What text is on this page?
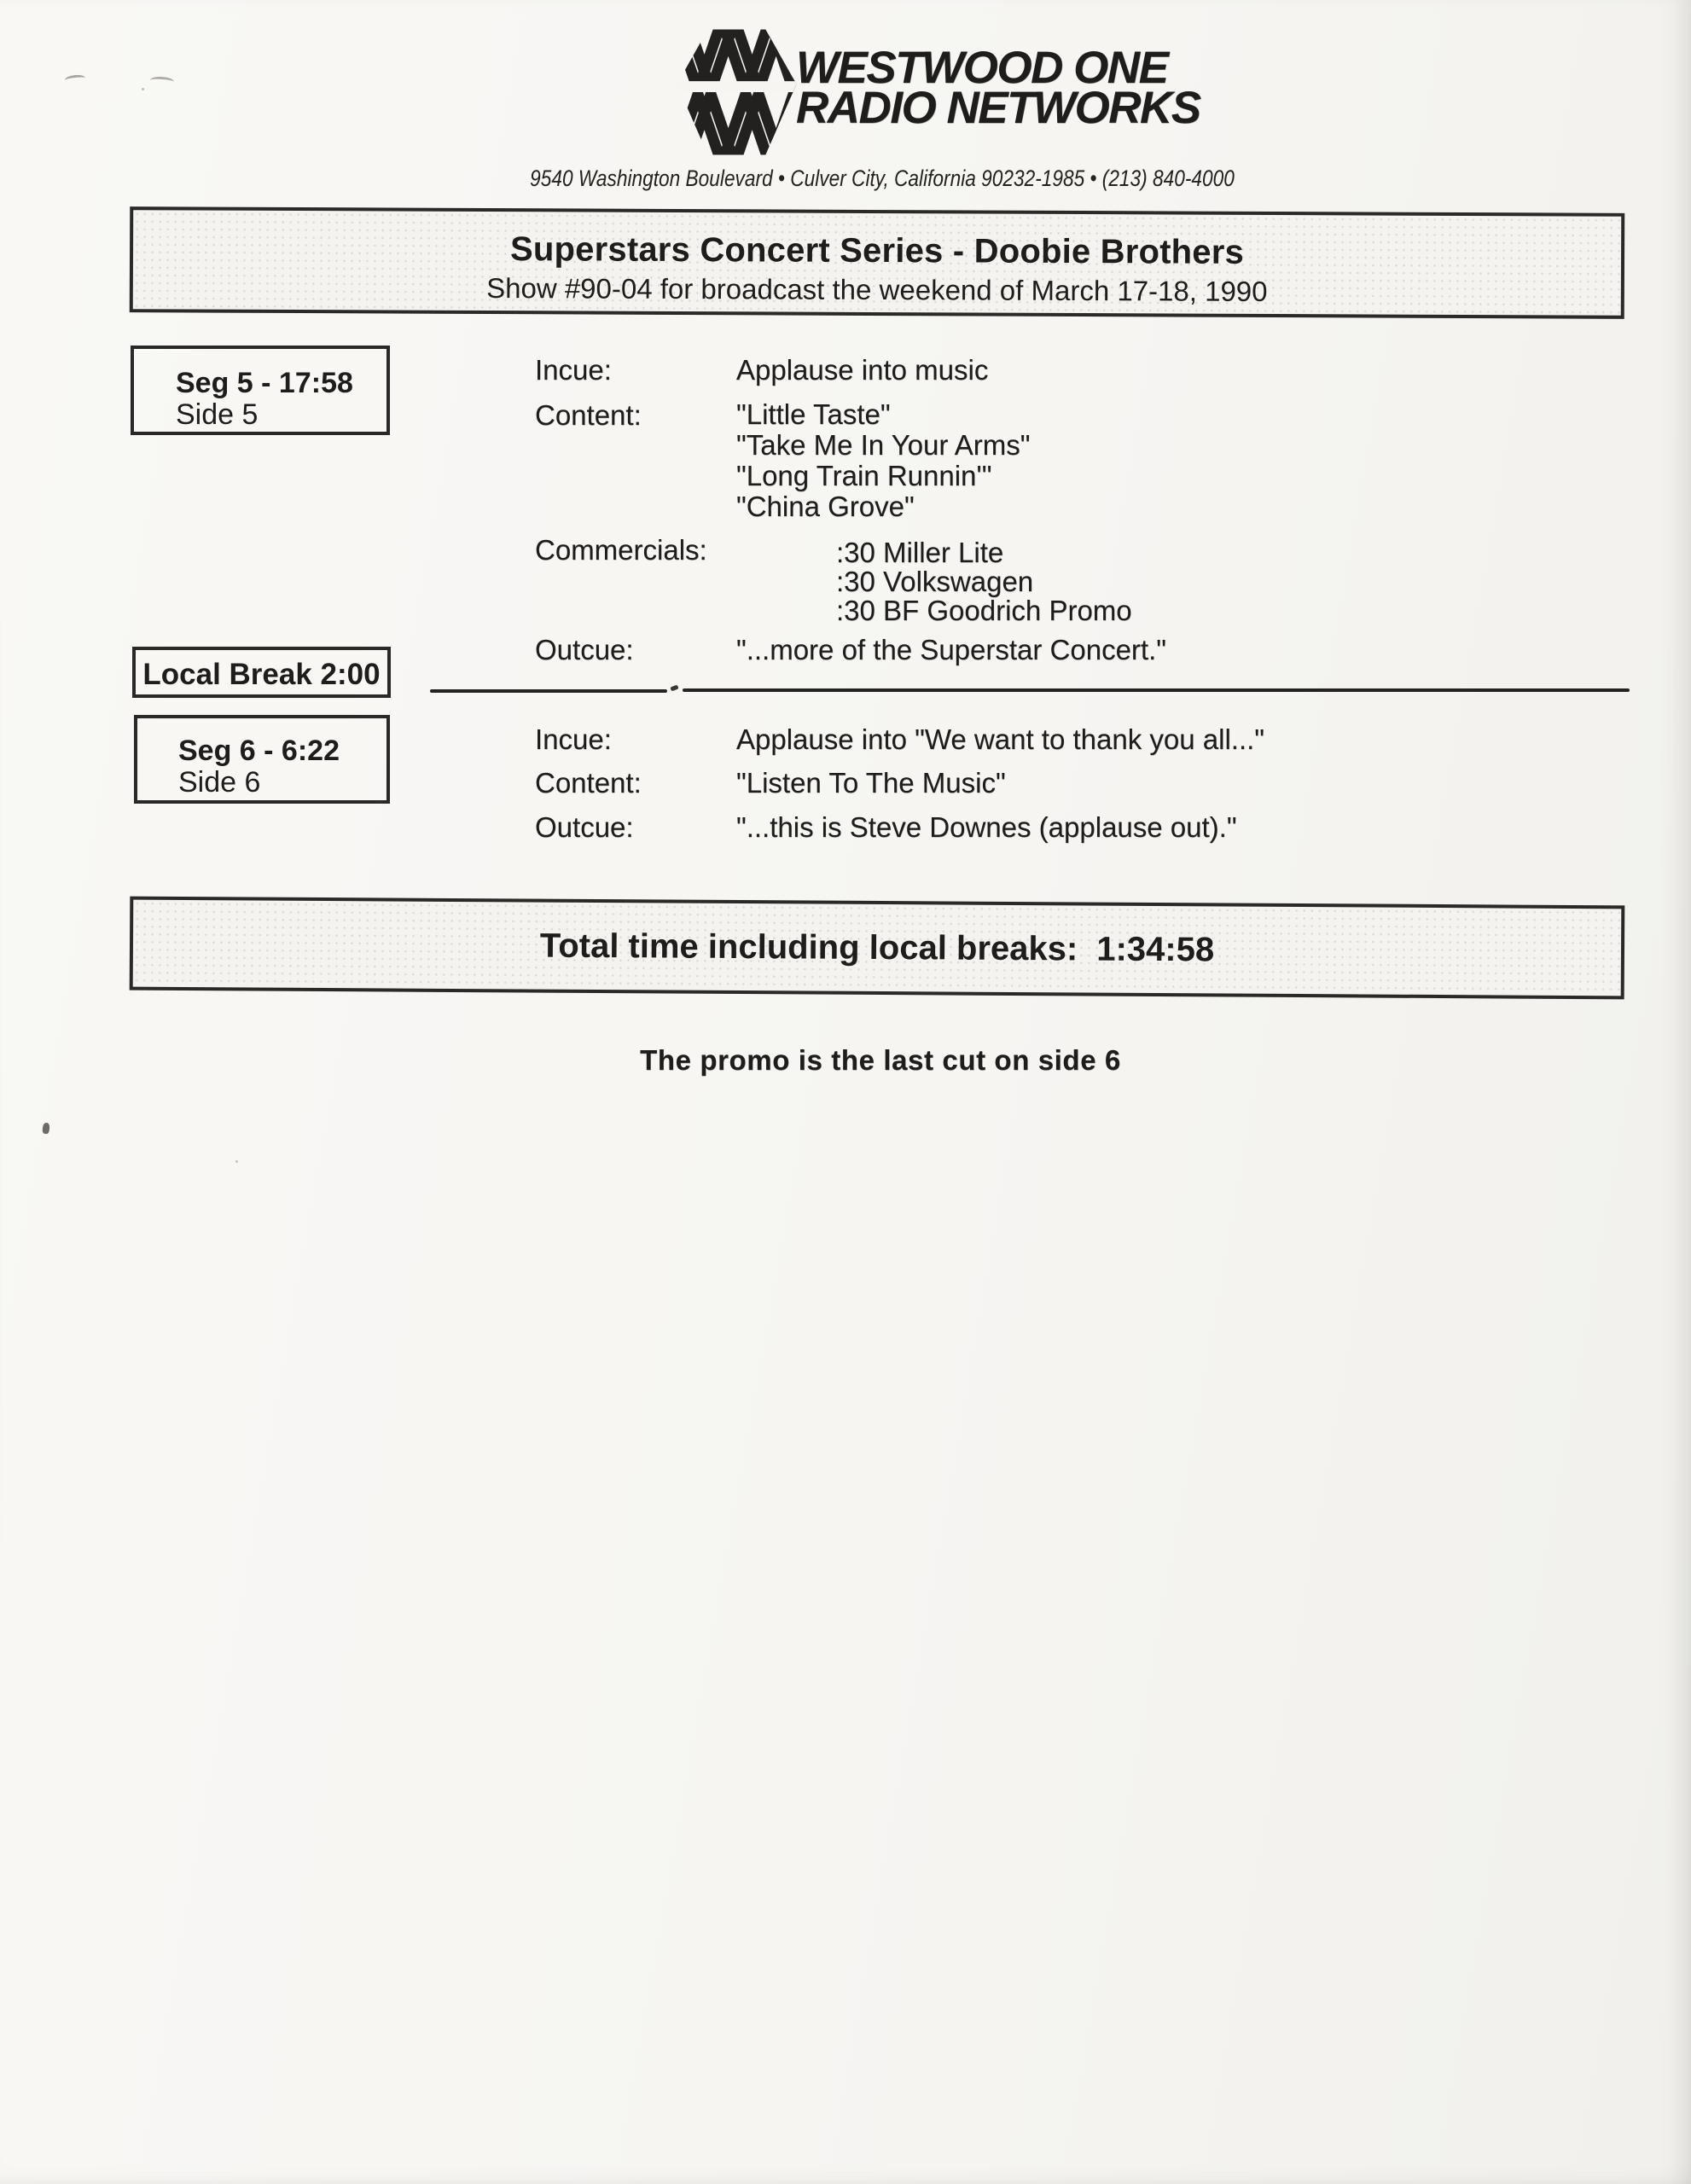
WESTWOOD ONE
RADIO NETWORKS
9540 Washington Boulevard • Culver City, California 90232-1985 • (213) 840-4000
Superstars Concert Series - Doobie Brothers
Show #90-04 for broadcast the weekend of March 17-18, 1990
Seg 5 - 17:58
Side 5
Incue:	Applause into music
Content:	"Little Taste"
"Take Me In Your Arms"
"Long Train Runnin'"
"China Grove"
Commercials:	:30 Miller Lite
:30 Volkswagen
:30 BF Goodrich Promo
Outcue:	"...more of the Superstar Concert."
Local Break 2:00
Seg 6 - 6:22
Side 6
Incue:	Applause into "We want to thank you all..."
Content:	"Listen To The Music"
Outcue:	"...this is Steve Downes (applause out)."
Total time including local breaks: 1:34:58
The promo is the last cut on side 6
